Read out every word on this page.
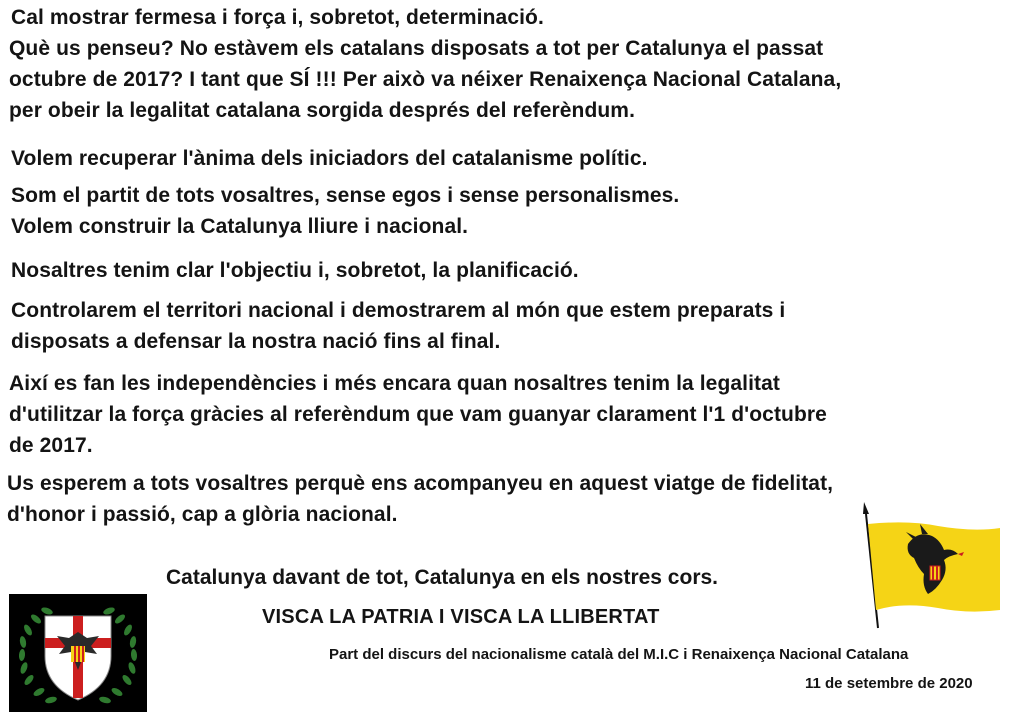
Cal mostrar fermesa i força i, sobretot, determinació.

Què us penseu? No estàvem els catalans disposats a tot per Catalunya el passat
octubre de 2017? I tant que SÍ !!! Per això va néixer Renaixença Nacional Catalana,
per obeir la legalitat catalana sorgida després del referèndum.

Volem recuperar l'ànima dels iniciadors del catalanisme polític.

Som el partit de tots vosaltres, sense egos i sense personalismes.
Volem construir la Catalunya lliure i nacional.

Nosaltres tenim clar l'objectiu i, sobretot, la planificació.

Controlarem el territori nacional i demostrarem al món que estem preparats i
disposats a defensar la nostra nació fins al final.

Així es fan les independències i més encara quan nosaltres tenim la legalitat
d'utilitzar la força gràcies al referèndum que vam guanyar clarament l'1 d'octubre
de 2017.

Us esperem a tots vosaltres perquè ens acompanyeu en aquest viatge de fidelitat,
d'honor i passió, cap a glòria nacional.

Catalunya davant de tot, Catalunya en els nostres cors.
VISCA LA PATRIA I VISCA LA LLIBERTAT
Part del discurs del nacionalisme català del M.I.C i Renaixença Nacional Catalana
11 de setembre de 2020
